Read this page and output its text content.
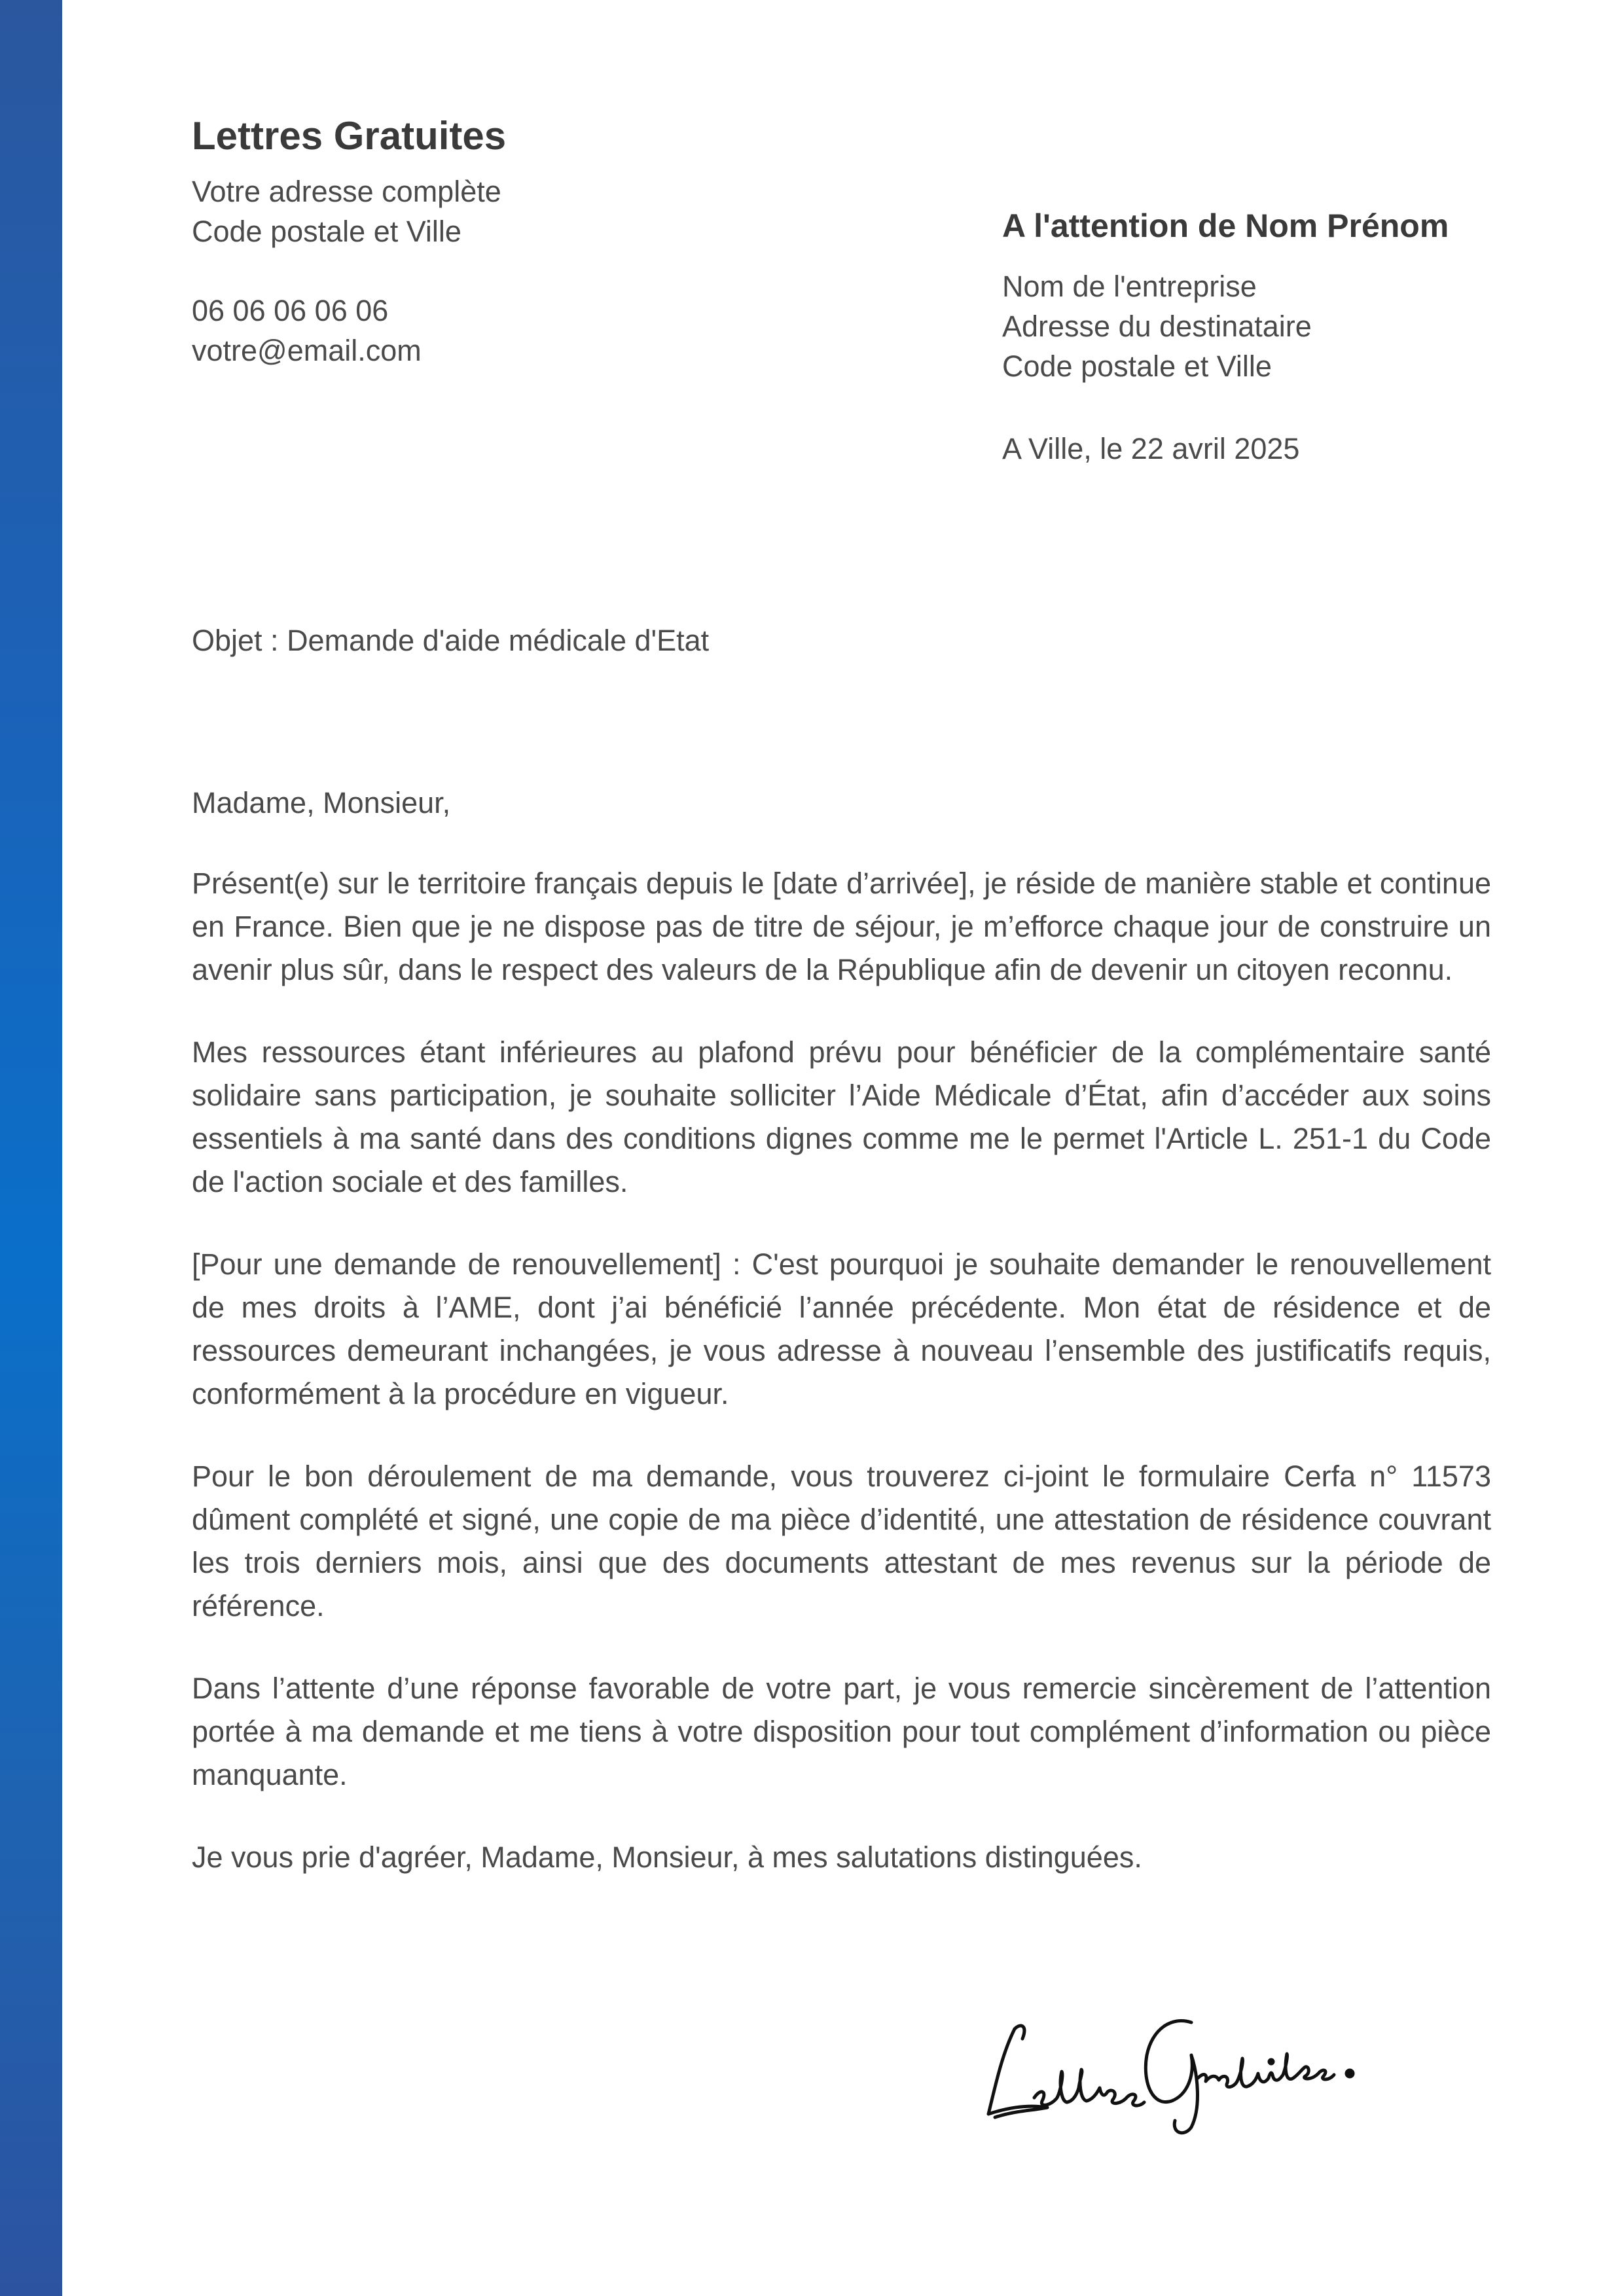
Lettres Gratuites
Votre adresse complète
Code postale et Ville
06 06 06 06 06
votre@email.com
A l'attention de Nom Prénom
Nom de l'entreprise
Adresse du destinataire
Code postale et Ville
A Ville, le 22 avril 2025
Objet : Demande d'aide médicale d'Etat
Madame, Monsieur,

Présent(e) sur le territoire français depuis le [date d’arrivée], je réside de manière stable et continue en France. Bien que je ne dispose pas de titre de séjour, je m’efforce chaque jour de construire un avenir plus sûr, dans le respect des valeurs de la République afin de devenir un citoyen reconnu.

Mes ressources étant inférieures au plafond prévu pour bénéficier de la complémentaire santé solidaire sans participation, je souhaite solliciter l’Aide Médicale d’État, afin d’accéder aux soins essentiels à ma santé dans des conditions dignes comme me le permet l'Article L. 251-1 du Code de l'action sociale et des familles.

[Pour une demande de renouvellement] : C'est pourquoi je souhaite demander le renouvellement de mes droits à l’AME, dont j’ai bénéficié l’année précédente. Mon état de résidence et de ressources demeurant inchangées, je vous adresse à nouveau l’ensemble des justificatifs requis, conformément à la procédure en vigueur.

Pour le bon déroulement de ma demande, vous trouverez ci-joint le formulaire Cerfa n° 11573 dûment complété et signé, une copie de ma pièce d’identité, une attestation de résidence couvrant les trois derniers mois, ainsi que des documents attestant de mes revenus sur la période de référence.

Dans l’attente d’une réponse favorable de votre part, je vous remercie sincèrement de l’attention portée à ma demande et me tiens à votre disposition pour tout complément d’information ou pièce manquante.

Je vous prie d'agréer, Madame, Monsieur, à mes salutations distinguées.
